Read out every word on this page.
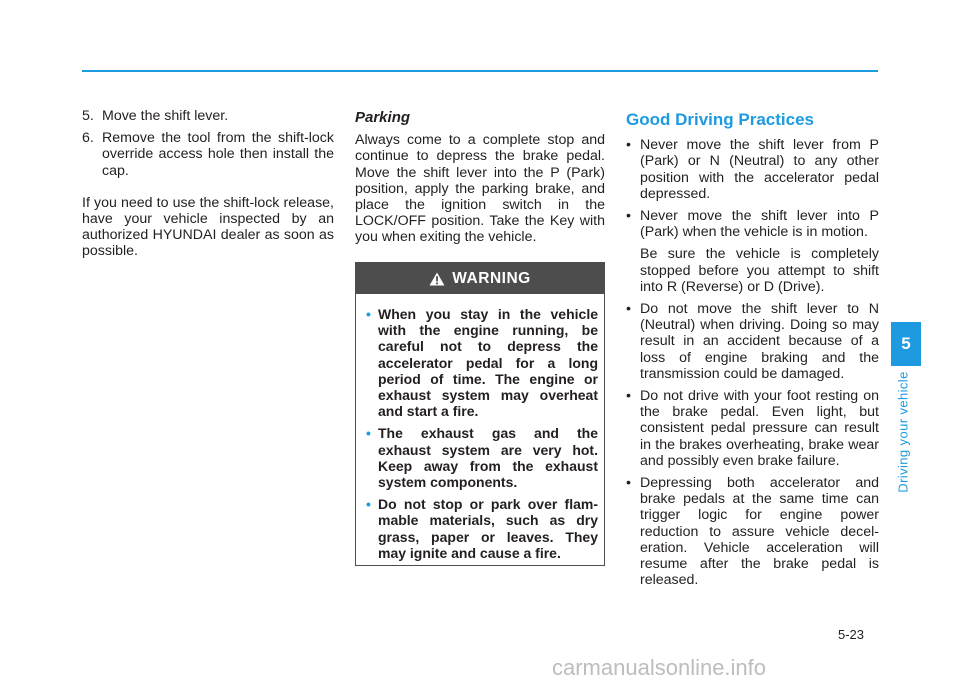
5. Move the shift lever.
6. Remove the tool from the shift-lock override access hole then install the cap.

If you need to use the shift-lock release, have your vehicle inspected by an authorized HYUNDAI dealer as soon as possible.

Parking

Always come to a complete stop and continue to depress the brake pedal. Move the shift lever into the P (Park) position, apply the parking brake, and place the ignition switch in the LOCK/OFF position. Take the Key with you when exiting the vehicle.

WARNING
• When you stay in the vehicle with the engine running, be careful not to depress the accelerator pedal for a long period of time. The engine or exhaust system may overheat and start a fire.
• The exhaust gas and the exhaust system are very hot. Keep away from the exhaust system components.
• Do not stop or park over flam-mable materials, such as dry grass, paper or leaves. They may ignite and cause a fire.
Good Driving Practices
• Never move the shift lever from P (Park) or N (Neutral) to any other position with the accelerator pedal depressed.

• Never move the shift lever into P (Park) when the vehicle is in motion.

Be sure the vehicle is completely stopped before you attempt to shift into R (Reverse) or D (Drive).

• Do not move the shift lever to N (Neutral) when driving. Doing so may result in an accident because of a loss of engine braking and the transmission could be damaged.

• Do not drive with your foot resting on the brake pedal. Even light, but consistent pedal pressure can result in the brakes overheating, brake wear and possibly even brake failure.

• Depressing both accelerator and brake pedals at the same time can trigger logic for engine power reduction to assure vehicle decel-eration. Vehicle acceleration will resume after the brake pedal is released.

5
Driving your vehicle
5-23
carmanualsonline.info
